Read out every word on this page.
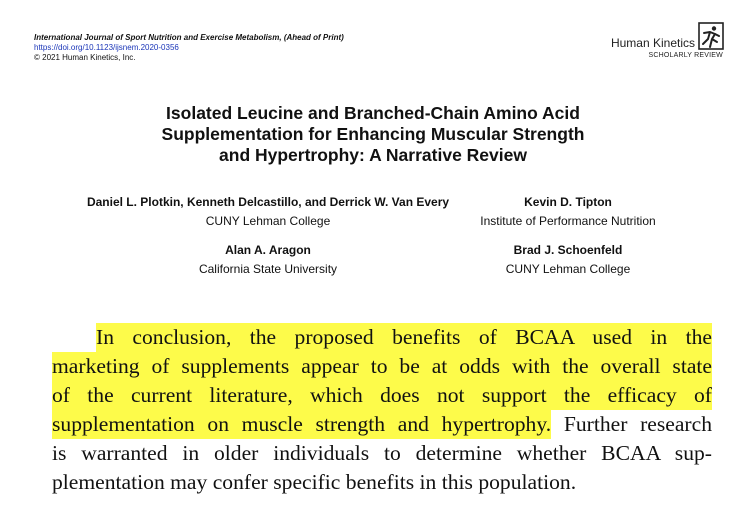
International Journal of Sport Nutrition and Exercise Metabolism, (Ahead of Print)
https://doi.org/10.1123/ijsnem.2020-0356
© 2021 Human Kinetics, Inc.
Human Kinetics
SCHOLARLY REVIEW
Isolated Leucine and Branched-Chain Amino Acid
Supplementation for Enhancing Muscular Strength
and Hypertrophy: A Narrative Review
Daniel L. Plotkin, Kenneth Delcastillo, and Derrick W. Van Every
CUNY Lehman College
Kevin D. Tipton
Institute of Performance Nutrition
Alan A. Aragon
California State University
Brad J. Schoenfeld
CUNY Lehman College
In conclusion, the proposed benefits of BCAA used in the
marketing of supplements appear to be at odds with the overall state
of the current literature, which does not support the efficacy of
supplementation on muscle strength and hypertrophy. Further research
is warranted in older individuals to determine whether BCAA sup-
plementation may confer specific benefits in this population.
